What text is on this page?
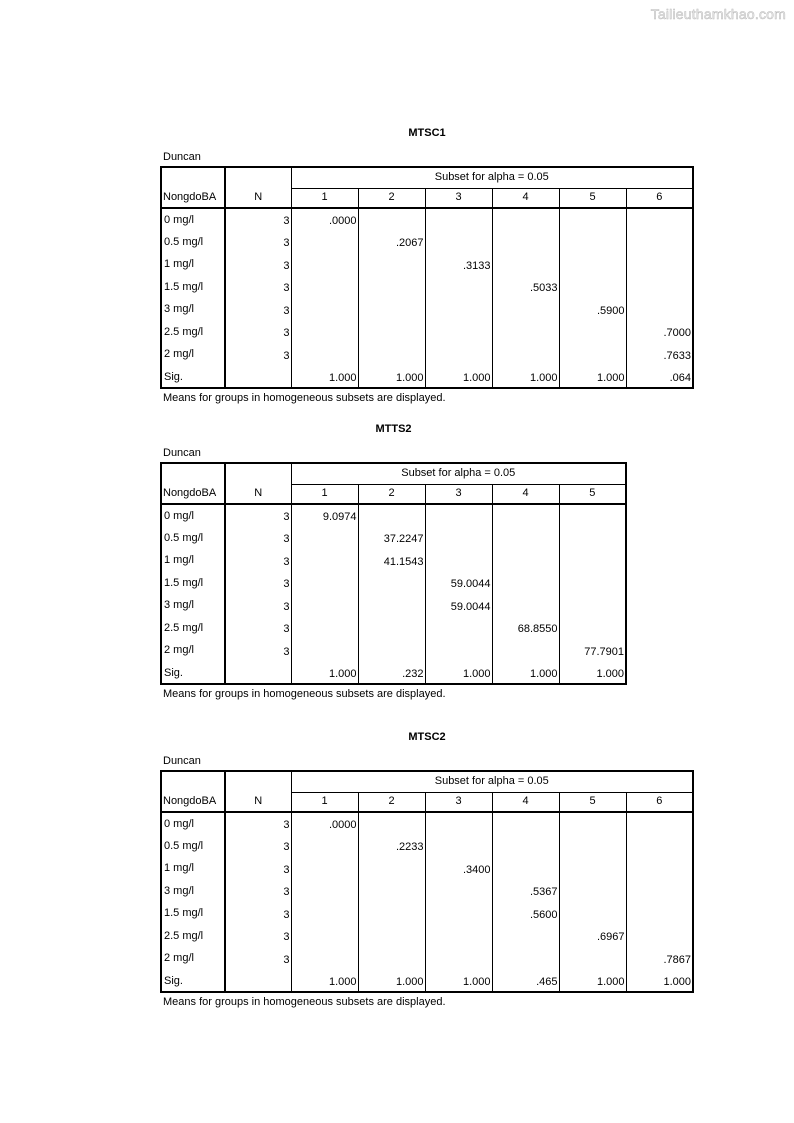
Tailieuthamkhao.com
MTSC1
Duncan
NongdoBA	N	Subset for alpha = 0.05					
		1	2	3	4	5	6
0 mg/l	3	.0000					
0.5 mg/l	3		.2067				
1 mg/l	3			.3133			
1.5 mg/l	3				.5033		
3 mg/l	3					.5900	
2.5 mg/l	3						.7000
2 mg/l	3						.7633
Sig.		1.000	1.000	1.000	1.000	1.000	.064
Means for groups in homogeneous subsets are displayed.
MTTS2
Duncan
NongdoBA	N	Subset for alpha = 0.05				
		1	2	3	4	5
0 mg/l	3	9.0974				
0.5 mg/l	3		37.2247			
1 mg/l	3		41.1543			
1.5 mg/l	3			59.0044		
3 mg/l	3			59.0044		
2.5 mg/l	3				68.8550	
2 mg/l	3					77.7901
Sig.		1.000	.232	1.000	1.000	1.000
Means for groups in homogeneous subsets are displayed.
MTSC2
Duncan
NongdoBA	N	Subset for alpha = 0.05					
		1	2	3	4	5	6
0 mg/l	3	.0000					
0.5 mg/l	3		.2233				
1 mg/l	3			.3400			
3 mg/l	3				.5367		
1.5 mg/l	3				.5600		
2.5 mg/l	3					.6967	
2 mg/l	3						.7867
Sig.		1.000	1.000	1.000	.465	1.000	1.000
Means for groups in homogeneous subsets are displayed.
